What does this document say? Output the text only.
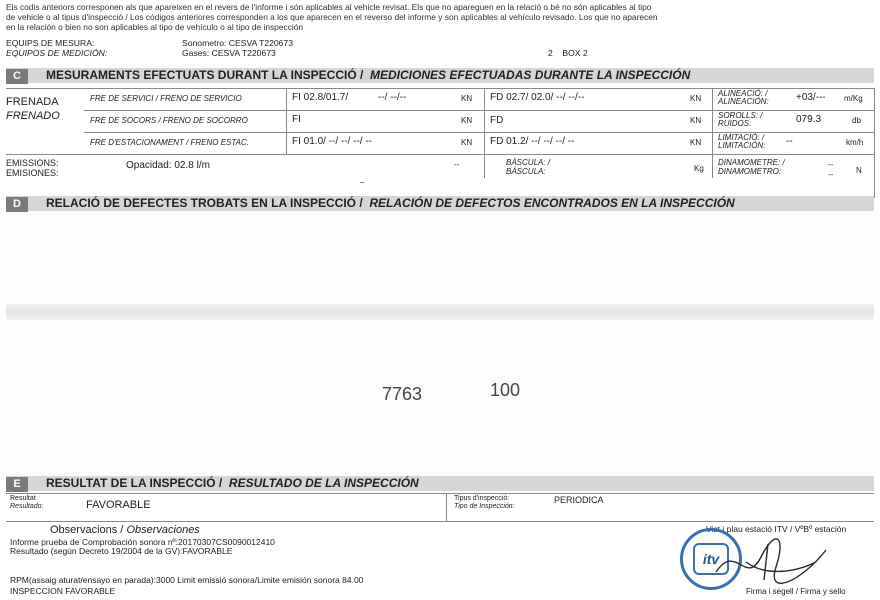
Els codis anteriors corresponen als que apareixen en el revers de l'informe i són aplicables al vehicle revisat. Els que no apareguen en la relació o bé no són aplicables al tipo
de vehicle o al tipus d'inspecció / Los códigos anteriores corresponden a los que aparecen en el reverso del informe y son aplicables al vehículo revisado. Los que no aparecen
en la relación o bien no son aplicables al tipo de vehículo o al tipo de inspección
EQUIPS DE MESURA:	Sonometro: CESVA T220673
EQUIPOS DE MEDICIÓN:	Gases: CESVA T220673	2 BOX 2
C MESURAMENTS EFECTUATS DURANT LA INSPECCIÓ / MEDICIONES EFECTUADAS DURANTE LA INSPECCIÓN
FRENADA
FRENADO
FRE DE SERVICI / FRENO DE SERVICIO	FI 02.8/01.7/	--/ --/--	KN FD 02.7/ 02.0/ --/ --/--	KN
FRE DE SOCORS / FRENO DE SOCORRO	FI	KN FD	KN
FRE D'ESTACIONAMENT / FRENO ESTAC.	FI 01.0/ --/ --/ --/ --	KN FD 01.2/ --/ --/ --/ --	KN
ALINEACIÓ: / ALINEACIÓN:	+03/--- m/Kg
SOROLLS: / RUIDOS:	079.3	db
LIMITACIÓ: / LIMITACIÓN:	--	km/h
EMISSIONS:
EMISIONES:
Opacidad: 02.8 l/m	--
_
BÀSCULA: / BÁSCULA:	Kg
DINAMOMETRE: / DINAMOMETRO:
--
--	N
D RELACIÓ DE DEFECTES TROBATS EN LA INSPECCIÓ / RELACIÓN DE DEFECTOS ENCONTRADOS EN LA INSPECCIÓN
7763	100
E RESULTAT DE LA INSPECCIÓ / RESULTADO DE LA INSPECCIÓN
Resultat
Resultado:	FAVORABLE
Tipus d'inspecció:
Tipo de Inspección:
PERIODICA
Observacions / Observaciones
Informe prueba de Comprobación sonora nº:20170307CS0090012410
Resultado (según Decreto 19/2004 de la GV):FAVORABLE
RPM(assaig aturat/ensayo en parada):3000 Limit emissió sonora/Limite emisión sonora 84.00
INSPECCION FAVORABLE
Vist i plau estació ITV / VºBº estación
Firma i segell / Firma y sello
itv
